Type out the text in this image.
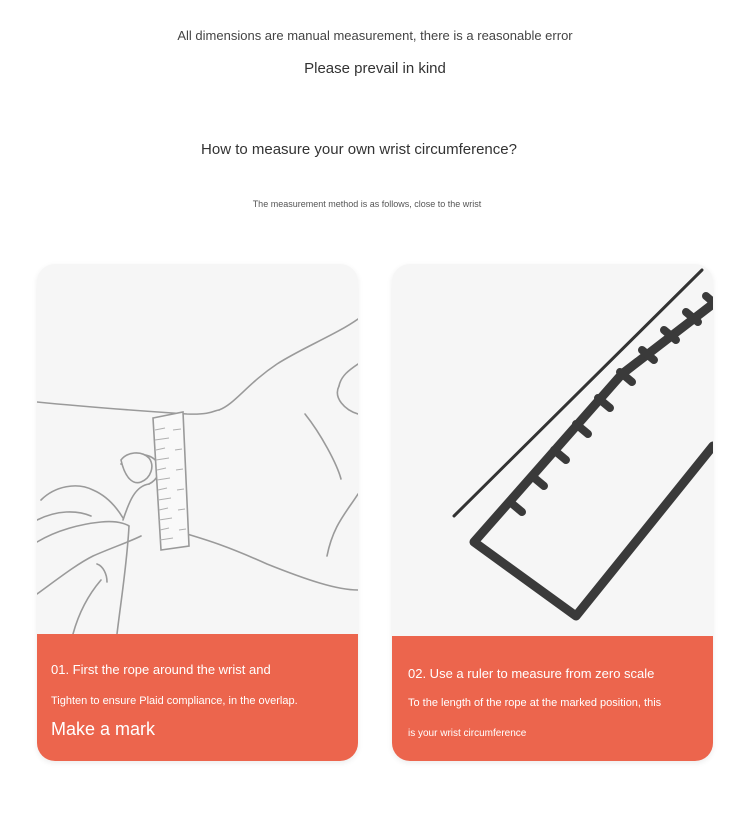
All dimensions are manual measurement, there is a reasonable error
Please prevail in kind
How to measure your own wrist circumference?
The measurement method is as follows, close to the wrist
01. First the rope around the wrist and
Tighten to ensure Plaid compliance, in the overlap.
Make a mark
02. Use a ruler to measure from zero scale
To the length of the rope at the marked position, this
is your wrist circumference
